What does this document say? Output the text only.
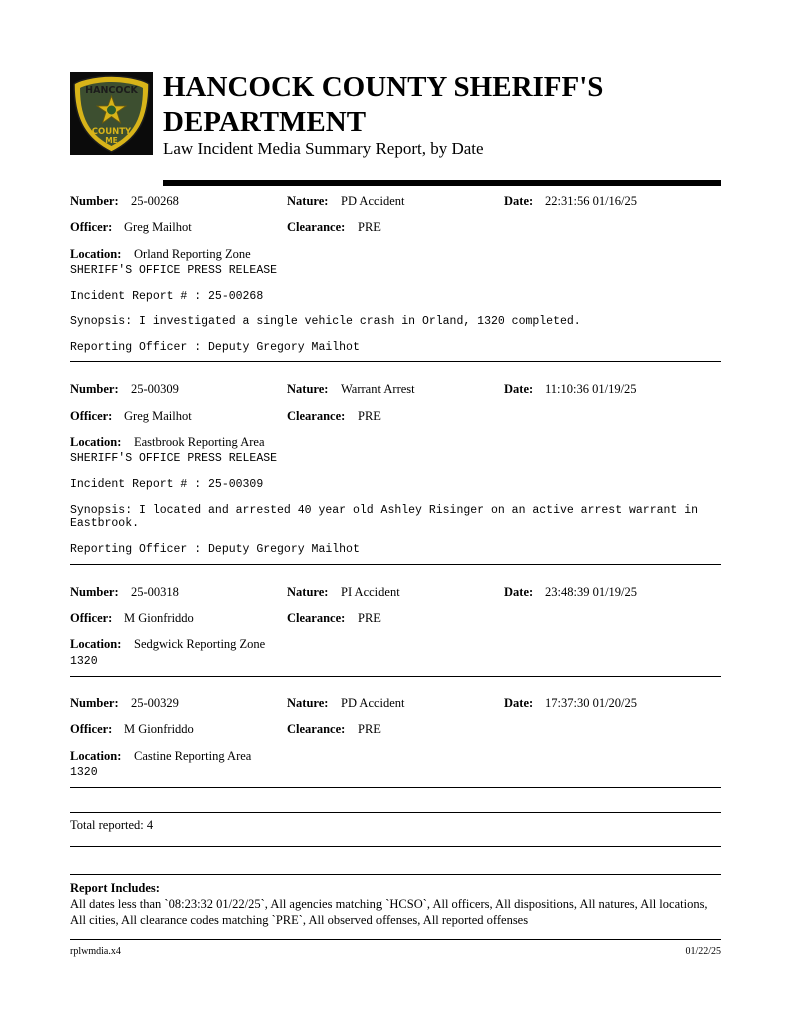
HANCOCK
COUNTY
ME
HANCOCK COUNTY SHERIFF'S
DEPARTMENT
Law Incident Media Summary Report, by Date
Number: 25-00268	Nature: PD Accident	Date: 22:31:56 01/16/25
Officer: Greg Mailhot	Clearance: PRE
Location: Orland Reporting Zone
SHERIFF'S OFFICE PRESS RELEASE
Incident Report # : 25-00268
Synopsis: I investigated a single vehicle crash in Orland, 1320 completed.
Reporting Officer : Deputy Gregory Mailhot
Number: 25-00309	Nature: Warrant Arrest	Date: 11:10:36 01/19/25
Officer: Greg Mailhot	Clearance: PRE
Location: Eastbrook Reporting Area
SHERIFF'S OFFICE PRESS RELEASE
Incident Report # : 25-00309
Synopsis: I located and arrested 40 year old Ashley Risinger on an active arrest warrant in Eastbrook.
Reporting Officer : Deputy Gregory Mailhot
Number: 25-00318	Nature: PI Accident	Date: 23:48:39 01/19/25
Officer: M Gionfriddo	Clearance: PRE
Location: Sedgwick Reporting Zone
1320
Number: 25-00329	Nature: PD Accident	Date: 17:37:30 01/20/25
Officer: M Gionfriddo	Clearance: PRE
Location: Castine Reporting Area
1320
Total reported: 4
Report Includes:
All dates less than `08:23:32 01/22/25`, All agencies matching `HCSO`, All officers, All dispositions, All natures, All locations, All cities, All clearance codes matching `PRE`, All observed offenses, All reported offenses
rplwmdia.x4	01/22/25
